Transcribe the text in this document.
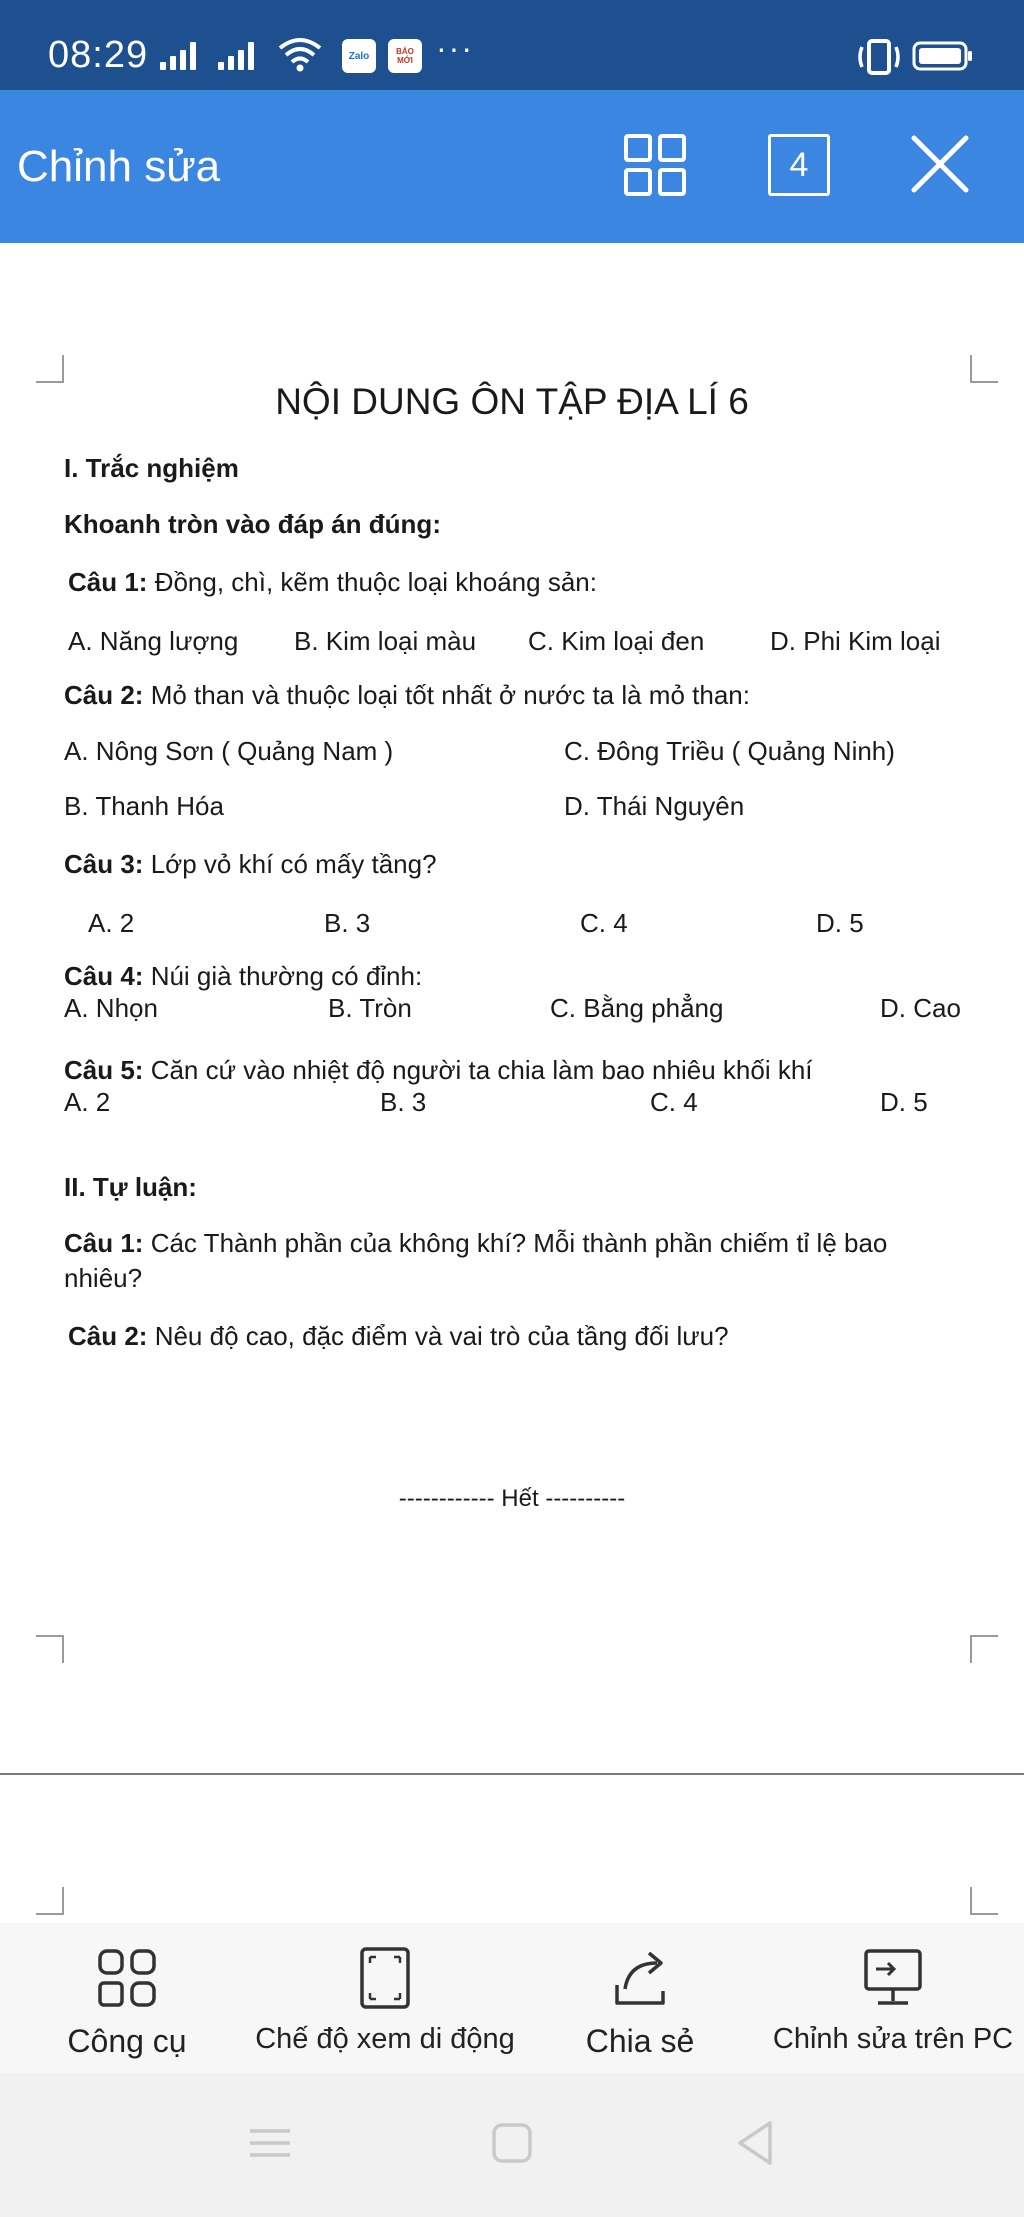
08:29	Zalo	BÁO
MỚI ···
Chỉnh sửa	4
NỘI DUNG ÔN TẬP ĐỊA LÍ 6
I. Trắc nghiệm
Khoanh tròn vào đáp án đúng:
Câu 1: Đồng, chì, kẽm thuộc loại khoáng sản:
A. Năng lượng B. Kim loại màu C. Kim loại đen	D. Phi Kim loại
Câu 2: Mỏ than và thuộc loại tốt nhất ở nước ta là mỏ than:
A. Nông Sơn ( Quảng Nam )	C. Đông Triều ( Quảng Ninh)
B. Thanh Hóa	D. Thái Nguyên
Câu 3: Lớp vỏ khí có mấy tầng?
A. 2	B. 3	C. 4	D. 5
Câu 4: Núi già thường có đỉnh:
A. Nhọn	B. Tròn	C. Bằng phẳng	D. Cao
Câu 5: Căn cứ vào nhiệt độ người ta chia làm bao nhiêu khối khí
A. 2	B. 3	C. 4	D. 5
II. Tự luận:
Câu 1: Các Thành phần của không khí? Mỗi thành phần chiếm tỉ lệ bao
nhiêu?
Câu 2: Nêu độ cao, đặc điểm và vai trò của tầng đối lưu?
------------ Hết ----------
Công cụ Chế độ xem di động Chia sẻ	Chỉnh sửa trên PC
